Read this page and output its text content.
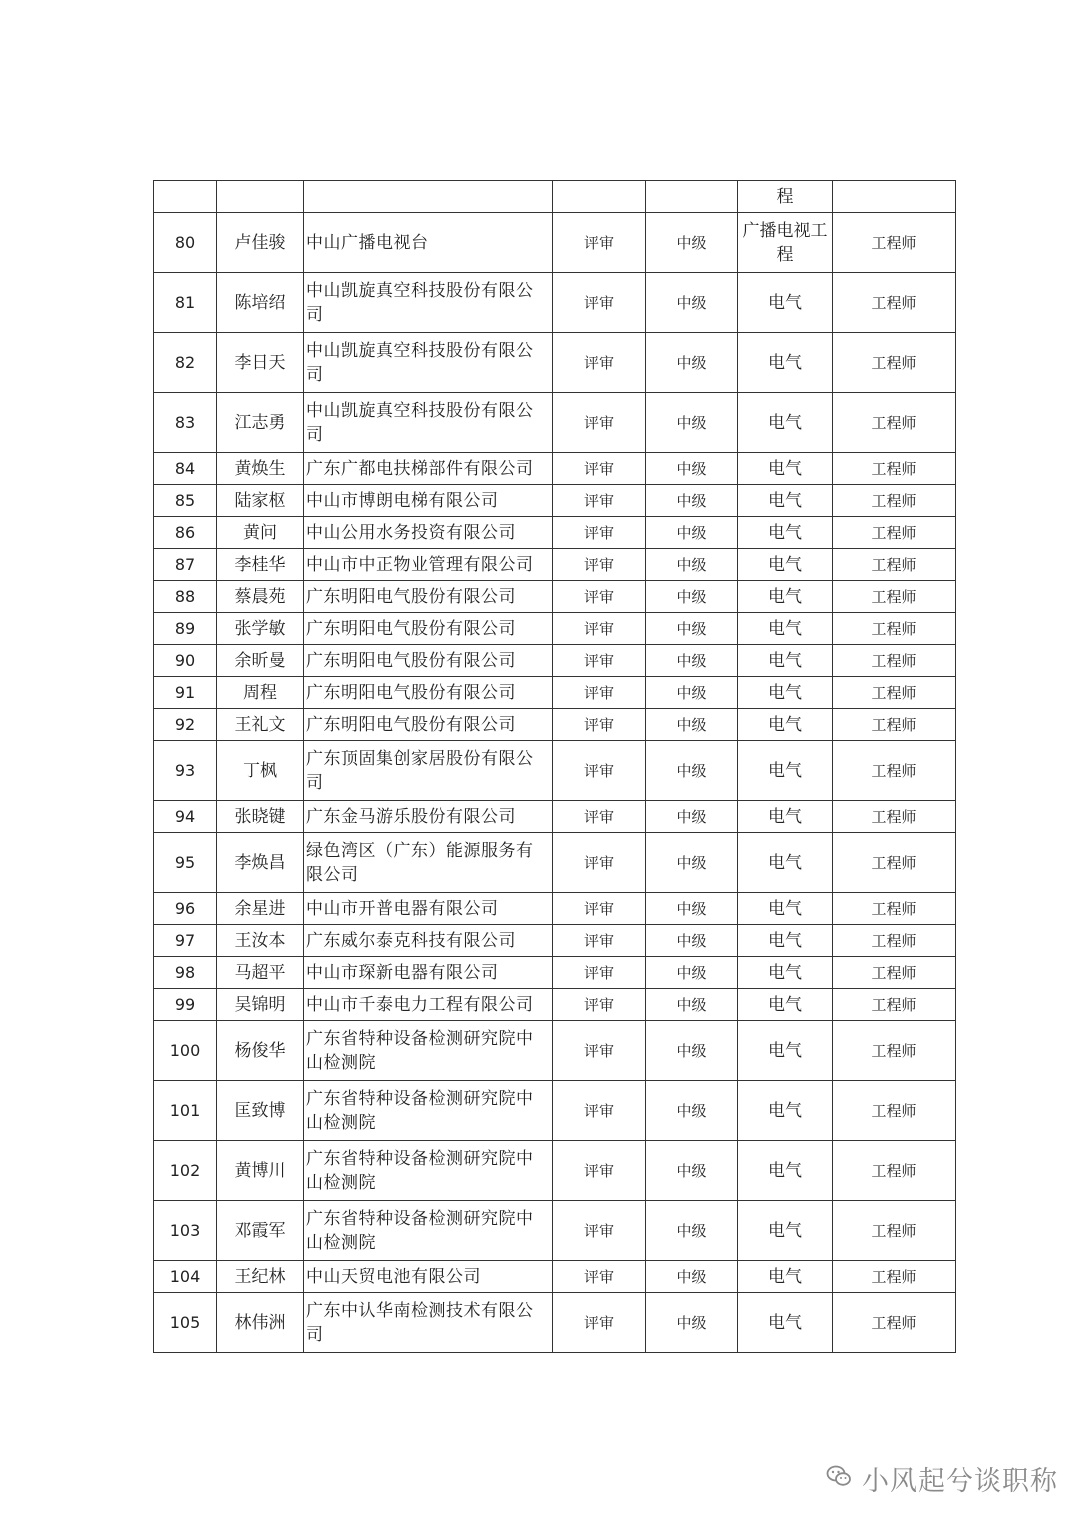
					程	
80	卢佳骏	中山广播电视台	评审	中级	广播电视工程	工程师
81	陈培绍	中山凯旋真空科技股份有限公司	评审	中级	电气	工程师
82	李日天	中山凯旋真空科技股份有限公司	评审	中级	电气	工程师
83	江志勇	中山凯旋真空科技股份有限公司	评审	中级	电气	工程师
84	黄焕生	广东广都电扶梯部件有限公司	评审	中级	电气	工程师
85	陆家枢	中山市博朗电梯有限公司	评审	中级	电气	工程师
86	黄问	中山公用水务投资有限公司	评审	中级	电气	工程师
87	李桂华	中山市中正物业管理有限公司	评审	中级	电气	工程师
88	蔡晨苑	广东明阳电气股份有限公司	评审	中级	电气	工程师
89	张学敏	广东明阳电气股份有限公司	评审	中级	电气	工程师
90	余昕曼	广东明阳电气股份有限公司	评审	中级	电气	工程师
91	周程	广东明阳电气股份有限公司	评审	中级	电气	工程师
92	王礼文	广东明阳电气股份有限公司	评审	中级	电气	工程师
93	丁枫	广东顶固集创家居股份有限公司	评审	中级	电气	工程师
94	张晓键	广东金马游乐股份有限公司	评审	中级	电气	工程师
95	李焕昌	绿色湾区（广东）能源服务有限公司	评审	中级	电气	工程师
96	余星进	中山市开普电器有限公司	评审	中级	电气	工程师
97	王汝本	广东威尔泰克科技有限公司	评审	中级	电气	工程师
98	马超平	中山市琛新电器有限公司	评审	中级	电气	工程师
99	吴锦明	中山市千泰电力工程有限公司	评审	中级	电气	工程师
100	杨俊华	广东省特种设备检测研究院中山检测院	评审	中级	电气	工程师
101	匡致博	广东省特种设备检测研究院中山检测院	评审	中级	电气	工程师
102	黄博川	广东省特种设备检测研究院中山检测院	评审	中级	电气	工程师
103	邓霞军	广东省特种设备检测研究院中山检测院	评审	中级	电气	工程师
104	王纪林	中山天贸电池有限公司	评审	中级	电气	工程师
105	林伟洲	广东中认华南检测技术有限公司	评审	中级	电气	工程师
小风起兮谈职称
